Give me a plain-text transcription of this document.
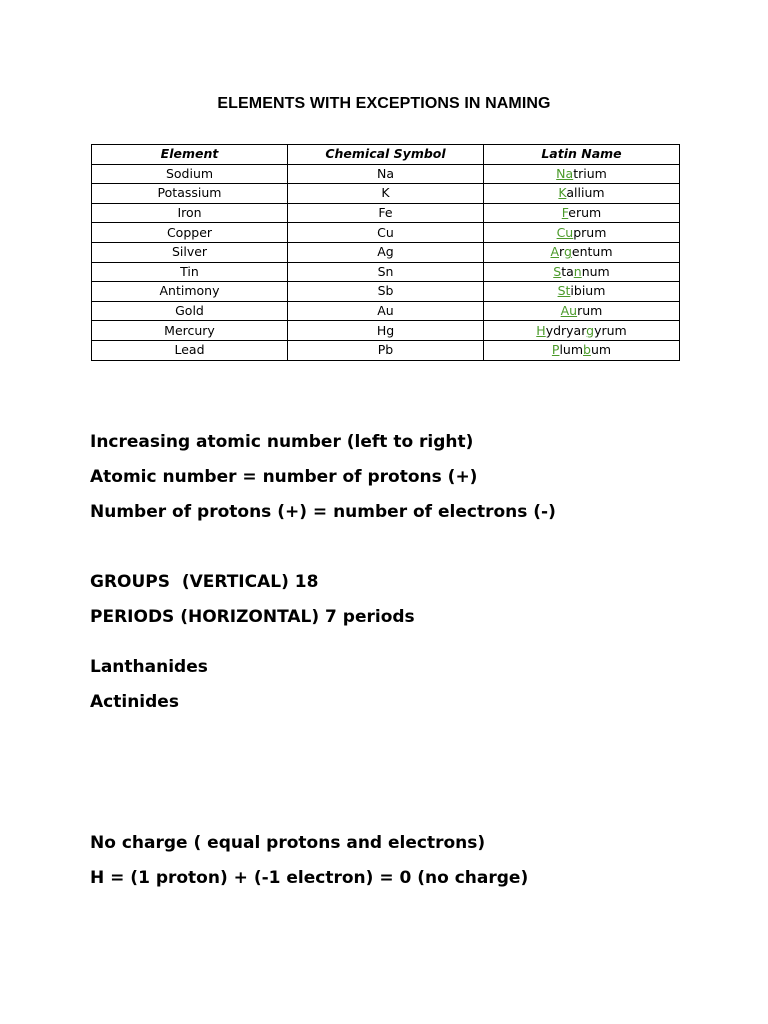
ELEMENTS WITH EXCEPTIONS IN NAMING
Element	Chemical Symbol	Latin Name
Sodium	Na	Natrium
Potassium	K	Kallium
Iron	Fe	Ferum
Copper	Cu	Cuprum
Silver	Ag	Argentum
Tin	Sn	Stannum
Antimony	Sb	Stibium
Gold	Au	Aurum
Mercury	Hg	Hydryargyrum
Lead	Pb	Plumbum
Increasing atomic number (left to right)
Atomic number = number of protons (+)
Number of protons (+) = number of electrons (-)
GROUPS  (VERTICAL) 18
PERIODS (HORIZONTAL) 7 periods
Lanthanides
Actinides
No charge ( equal protons and electrons)
H = (1 proton) + (-1 electron) = 0 (no charge)
